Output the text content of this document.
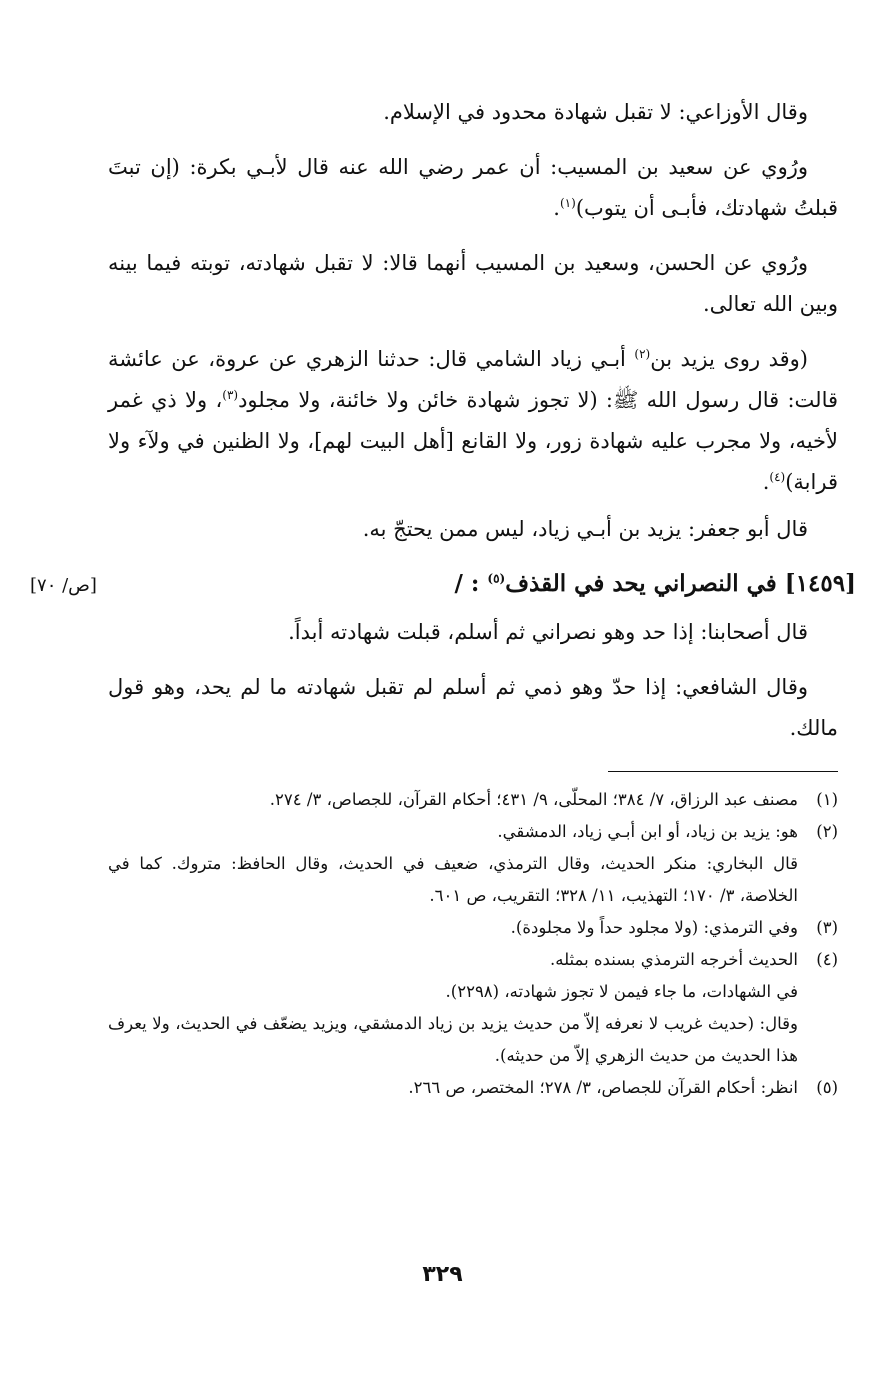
وقال الأوزاعي: لا تقبل شهادة محدود في الإسلام.

ورُوي عن سعيد بن المسيب: أن عمر رضي الله عنه قال لأبـي بكرة: (إن تبتَ قبلتُ شهادتك، فأبـى أن يتوب)$^{(١)}$.

ورُوي عن الحسن، وسعيد بن المسيب أنهما قالا: لا تقبل شهادته، توبته فيما بينه وبين الله تعالى.

(وقد روى يزيد بن$^{(٢)}$ أبـي زياد الشامي قال: حدثنا الزهري عن عروة، عن عائشة قالت: قال رسول الله ﷺ: (لا تجوز شهادة خائن ولا خائنة، ولا مجلود$^{(٣)}$، ولا ذي غمر لأخيه، ولا مجرب عليه شهادة زور، ولا القانع [أهل البيت لهم]، ولا الظنين في ولآء ولا قرابة)$^{(٤)}$.

قال أبو جعفر: يزيد بن أبـي زياد، ليس ممن يحتجّ به.

[١٤٥٩] في النصراني يحد في القذف$^{(٥)}$ : /
[ص/ ٧٠]

قال أصحابنا: إذا حد وهو نصراني ثم أسلم، قبلت شهادته أبداً.

وقال الشافعي: إذا حدّ وهو ذمي ثم أسلم لم تقبل شهادته ما لم يحد، وهو قول مالك.

(١)
مصنف عبد الرزاق، ٧/ ٣٨٤؛ المحلّى، ٩/ ٤٣١؛ أحكام القرآن، للجصاص، ٣/ ٢٧٤.
(٢)
هو: يزيد بن زياد، أو ابن أبـي زياد، الدمشقي.
قال البخاري: منكر الحديث، وقال الترمذي، ضعيف في الحديث، وقال الحافظ: متروك. كما في الخلاصة، ٣/ ١٧٠؛ التهذيب، ١١/ ٣٢٨؛ التقريب، ص ٦٠١.
(٣)
وفي الترمذي: (ولا مجلود حداً ولا مجلودة).
(٤)
الحديث أخرجه الترمذي بسنده بمثله.
في الشهادات، ما جاء فيمن لا تجوز شهادته، (٢٢٩٨).
وقال: (حديث غريب لا نعرفه إلاّ من حديث يزيد بن زياد الدمشقي، ويزيد يضعّف في الحديث، ولا يعرف هذا الحديث من حديث الزهري إلاّ من حديثه).
(٥)
انظر: أحكام القرآن للجصاص، ٣/ ٢٧٨؛ المختصر، ص ٢٦٦.
٣٢٩
